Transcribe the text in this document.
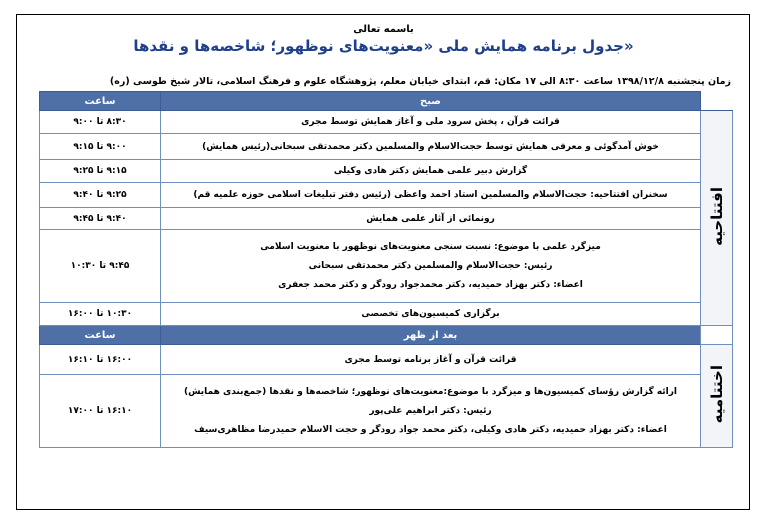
باسمه تعالی
جدول برنامه همایش ملی «معنویت‌های نوظهور؛ شاخصه‌ها و نقدها»
زمان پنجشنبه ۱۳۹۸/۱۲/۸ ساعت ۸:۳۰ الی ۱۷ مکان: قم، ابتدای خیابان معلم، پژوهشگاه علوم و فرهنگ اسلامی، تالار شیخ طوسی (ره)
	صبح	ساعت
افتتاحیه	قرائت قرآن ، پخش سرود ملی و آغاز همایش توسط مجری	۸:۳۰ تا ۹:۰۰
	خوش آمدگوئی و معرفی همایش توسط حجت‌الاسلام والمسلمین دکتر محمدتقی سبحانی(رئیس همایش)	۹:۰۰ تا ۹:۱۵
	گزارش دبیر علمی همایش دکتر هادی وکیلی	۹:۱۵ تا ۹:۲۵
	سخنران افتتاحیه: حجت‌الاسلام والمسلمین استاد احمد واعظی (رئیس دفتر تبلیغات اسلامی حوزه علمیه قم)	۹:۲۵ تا ۹:۴۰
	رونمائی از آثار علمی همایش	۹:۴۰ تا ۹:۴۵

	میزگرد علمی با موضوع: نسبت سنجی معنویت‌های نوظهور با معنویت اسلامی
رئیس: حجت‌الاسلام والمسلمین دکتر محمدتقی سبحانی
اعضاء: دکتر بهزاد حمیدیه، دکتر محمدجواد رودگر و دکتر محمد جعفری	۹:۴۵ تا ۱۰:۳۰
	برگزاری کمیسیون‌های تخصصی	۱۰:۳۰ تا ۱۶:۰۰
	بعد از ظهر	ساعت
اختتامیه	قرائت قرآن و آغاز برنامه توسط مجری	۱۶:۰۰ تا ۱۶:۱۰

	ارائه گزارش رؤسای کمیسیون‌ها و میزگرد با موضوع:معنویت‌های نوظهور؛ شاخصه‌ها و نقدها (جمع‌بندی همایش)
رئیس: دکتر ابراهیم علی‌پور
اعضاء: دکتر بهزاد حمیدیه، دکتر هادی وکیلی، دکتر محمد جواد رودگر و حجت الاسلام حمیدرضا مظاهری‌سیف	۱۶:۱۰ تا ۱۷:۰۰
